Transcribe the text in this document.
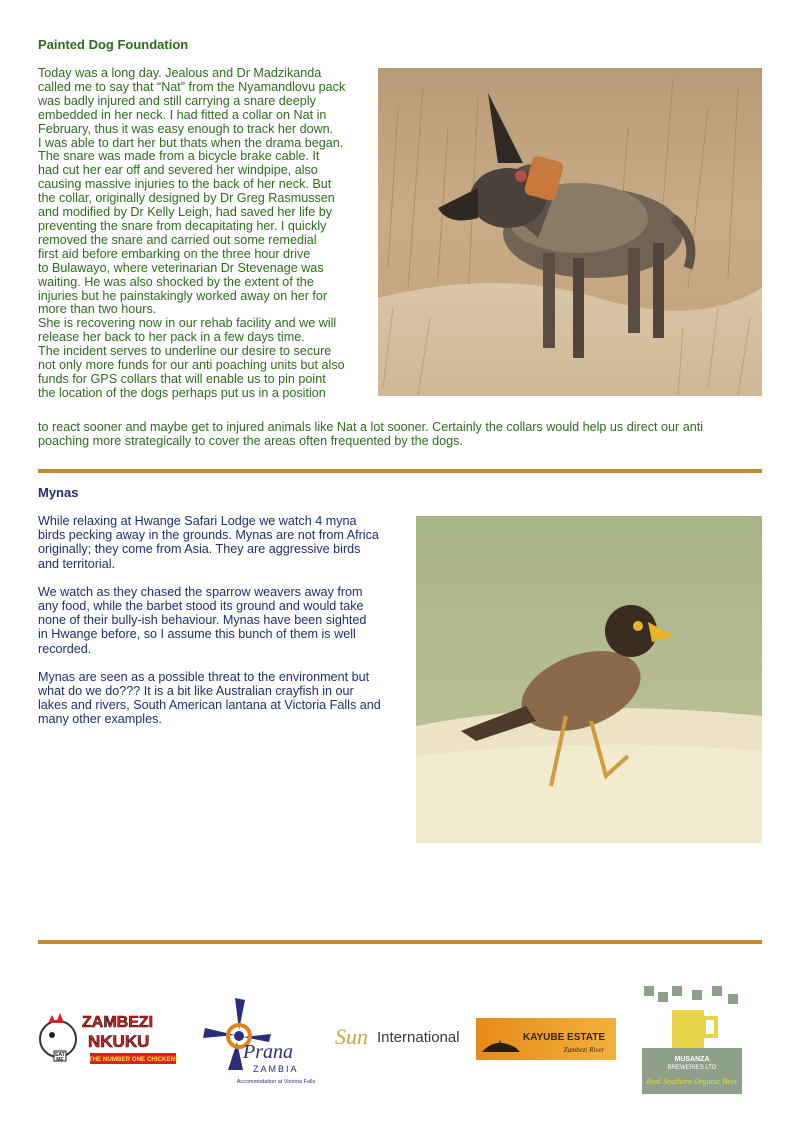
Painted Dog Foundation
Today was a long day. Jealous and Dr Madzikanda
called me to say that “Nat” from the Nyamandlovu pack
was badly injured and still carrying a snare deeply
embedded in her neck. I had fitted a collar on Nat in
February, thus it was easy enough to track her down.
I was able to dart her but thats when the drama began.
The snare was made from a bicycle brake cable. It
had cut her ear off and severed her windpipe, also
causing massive injuries to the back of her neck. But
the collar, originally designed by Dr Greg Rasmussen
and modified by Dr Kelly Leigh, had saved her life by
preventing the snare from decapitating her. I quickly
removed the snare and carried out some remedial
first aid before embarking on the three hour drive
to Bulawayo, where veterinarian Dr Stevenage was
waiting. He was also shocked by the extent of the
injuries but he painstakingly worked away on her for
more than two hours.
She is recovering now in our rehab facility and we will
release her back to her pack in a few days time.
The incident serves to underline our desire to secure
not only more funds for our anti poaching units but also
funds for GPS collars that will enable us to pin point
the location of the dogs perhaps put us in a position
to react sooner and maybe get to injured animals like Nat a lot sooner. Certainly the collars would help us direct our anti
poaching more strategically to cover the areas often frequented by the dogs.
Mynas
While relaxing at Hwange Safari Lodge we watch 4 myna
birds pecking away in the grounds. Mynas are not from Africa
originally; they come from Asia. They are aggressive birds
and territorial.
We watch as they chased the sparrow weavers away from
any food, while the barbet stood its ground and would take
none of their bully-ish behaviour. Mynas have been sighted
in Hwange before, so I assume this bunch of them is well
recorded.
Mynas are seen as a possible threat to the environment but
what do we do??? It is a bit like Australian crayfish in our
lakes and rivers, South American lantana at Victoria Falls and
many other examples.
EAT
ME
ZAMBEZI
NKUKU
THE NUMBER ONE CHICKEN!	Prana
ZAMBIA
Accommodation at Victoria Falls
Sun International	KAYUBE ESTATE
Zambezi River
MUSANZA
BREWERIES LTD
Real Southern Organic Beer
